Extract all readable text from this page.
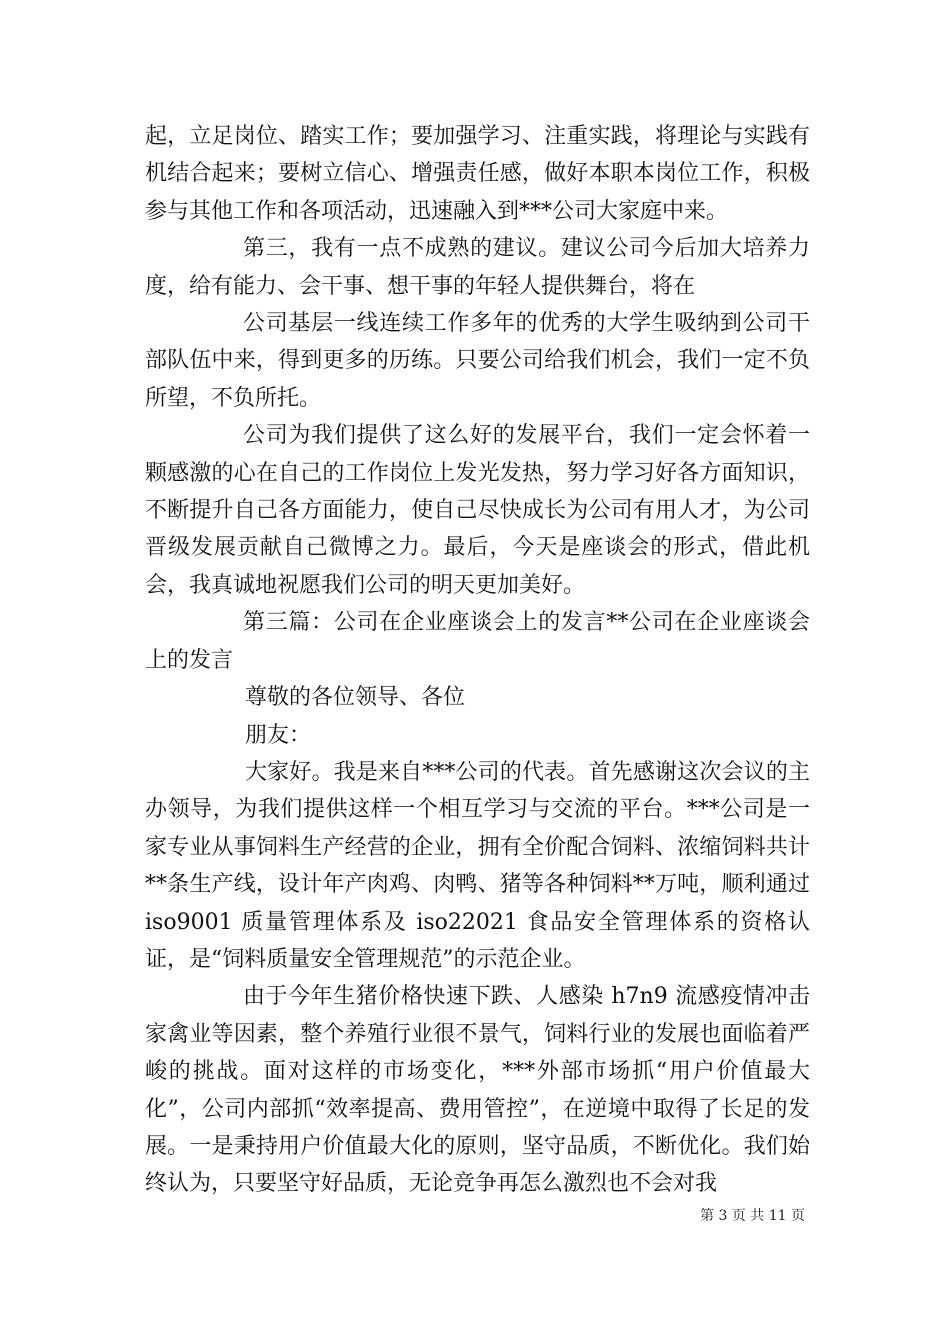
起，立足岗位、踏实工作；要加强学习、注重实践，将理论与实践有机结合起来；要树立信心、增强责任感，做好本职本岗位工作，积极参与其他工作和各项活动，迅速融入到***公司大家庭中来。

第三，我有一点不成熟的建议。建议公司今后加大培养力度，给有能力、会干事、想干事的年轻人提供舞台，将在

公司基层一线连续工作多年的优秀的大学生吸纳到公司干部队伍中来，得到更多的历练。只要公司给我们机会，我们一定不负所望，不负所托。

公司为我们提供了这么好的发展平台，我们一定会怀着一颗感激的心在自己的工作岗位上发光发热，努力学习好各方面知识，不断提升自己各方面能力，使自己尽快成长为公司有用人才，为公司晋级发展贡献自己微博之力。最后，今天是座谈会的形式，借此机会，我真诚地祝愿我们公司的明天更加美好。

第三篇：公司在企业座谈会上的发言**公司在企业座谈会上的发言

尊敬的各位领导、各位

朋友：

大家好。我是来自***公司的代表。首先感谢这次会议的主办领导，为我们提供这样一个相互学习与交流的平台。***公司是一家专业从事饲料生产经营的企业，拥有全价配合饲料、浓缩饲料共计**条生产线，设计年产肉鸡、肉鸭、猪等各种饲料**万吨，顺利通过 iso9001 质量管理体系及 iso22021 食品安全管理体系的资格认证，是“饲料质量安全管理规范”的示范企业。

由于今年生猪价格快速下跌、人感染 h7n9 流感疫情冲击家禽业等因素，整个养殖行业很不景气，饲料行业的发展也面临着严峻的挑战。面对这样的市场变化，***外部市场抓“用户价值最大化”，公司内部抓“效率提高、费用管控”，在逆境中取得了长足的发展。一是秉持用户价值最大化的原则，坚守品质，不断优化。我们始终认为，只要坚守好品质，无论竞争再怎么激烈也不会对我

第 3 页 共 11 页
